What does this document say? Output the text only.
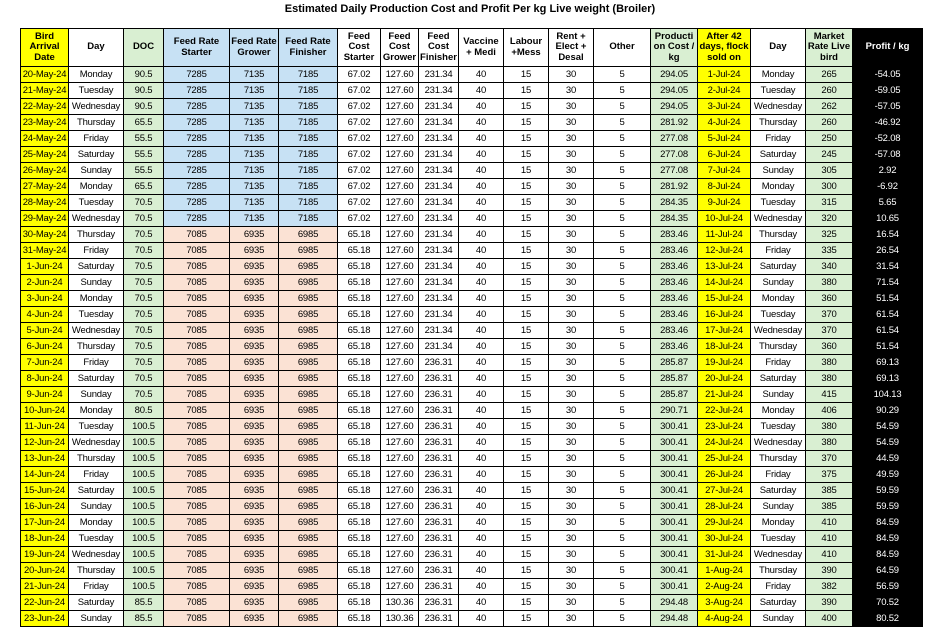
Estimated Daily Production Cost and Profit Per kg Live weight (Broiler)
Bird Arrival Date	Day	DOC	Feed Rate Starter	Feed Rate Grower	Feed Rate Finisher	Feed Cost Starter	Feed Cost Grower	Feed Cost Finisher	Vaccine + Medi	Labour +Mess	Rent + Elect + Desal	Other	Production Cost / kg	After 42 days, flock sold on	Day	Market Rate Live bird	Profit / kg
20-May-24	Monday	90.5	7285	7135	7185	67.02	127.60	231.34	40	15	30	5	294.05	1-Jul-24	Monday	265	-54.05
21-May-24	Tuesday	90.5	7285	7135	7185	67.02	127.60	231.34	40	15	30	5	294.05	2-Jul-24	Tuesday	260	-59.05
22-May-24	Wednesday	90.5	7285	7135	7185	67.02	127.60	231.34	40	15	30	5	294.05	3-Jul-24	Wednesday	262	-57.05
23-May-24	Thursday	65.5	7285	7135	7185	67.02	127.60	231.34	40	15	30	5	281.92	4-Jul-24	Thursday	260	-46.92
24-May-24	Friday	55.5	7285	7135	7185	67.02	127.60	231.34	40	15	30	5	277.08	5-Jul-24	Friday	250	-52.08
25-May-24	Saturday	55.5	7285	7135	7185	67.02	127.60	231.34	40	15	30	5	277.08	6-Jul-24	Saturday	245	-57.08
26-May-24	Sunday	55.5	7285	7135	7185	67.02	127.60	231.34	40	15	30	5	277.08	7-Jul-24	Sunday	305	2.92
27-May-24	Monday	65.5	7285	7135	7185	67.02	127.60	231.34	40	15	30	5	281.92	8-Jul-24	Monday	300	-6.92
28-May-24	Tuesday	70.5	7285	7135	7185	67.02	127.60	231.34	40	15	30	5	284.35	9-Jul-24	Tuesday	315	5.65
29-May-24	Wednesday	70.5	7285	7135	7185	67.02	127.60	231.34	40	15	30	5	284.35	10-Jul-24	Wednesday	320	10.65
30-May-24	Thursday	70.5	7085	6935	6985	65.18	127.60	231.34	40	15	30	5	283.46	11-Jul-24	Thursday	325	16.54
31-May-24	Friday	70.5	7085	6935	6985	65.18	127.60	231.34	40	15	30	5	283.46	12-Jul-24	Friday	335	26.54
1-Jun-24	Saturday	70.5	7085	6935	6985	65.18	127.60	231.34	40	15	30	5	283.46	13-Jul-24	Saturday	340	31.54
2-Jun-24	Sunday	70.5	7085	6935	6985	65.18	127.60	231.34	40	15	30	5	283.46	14-Jul-24	Sunday	380	71.54
3-Jun-24	Monday	70.5	7085	6935	6985	65.18	127.60	231.34	40	15	30	5	283.46	15-Jul-24	Monday	360	51.54
4-Jun-24	Tuesday	70.5	7085	6935	6985	65.18	127.60	231.34	40	15	30	5	283.46	16-Jul-24	Tuesday	370	61.54
5-Jun-24	Wednesday	70.5	7085	6935	6985	65.18	127.60	231.34	40	15	30	5	283.46	17-Jul-24	Wednesday	370	61.54
6-Jun-24	Thursday	70.5	7085	6935	6985	65.18	127.60	231.34	40	15	30	5	283.46	18-Jul-24	Thursday	360	51.54
7-Jun-24	Friday	70.5	7085	6935	6985	65.18	127.60	236.31	40	15	30	5	285.87	19-Jul-24	Friday	380	69.13
8-Jun-24	Saturday	70.5	7085	6935	6985	65.18	127.60	236.31	40	15	30	5	285.87	20-Jul-24	Saturday	380	69.13
9-Jun-24	Sunday	70.5	7085	6935	6985	65.18	127.60	236.31	40	15	30	5	285.87	21-Jul-24	Sunday	415	104.13
10-Jun-24	Monday	80.5	7085	6935	6985	65.18	127.60	236.31	40	15	30	5	290.71	22-Jul-24	Monday	406	90.29
11-Jun-24	Tuesday	100.5	7085	6935	6985	65.18	127.60	236.31	40	15	30	5	300.41	23-Jul-24	Tuesday	380	54.59
12-Jun-24	Wednesday	100.5	7085	6935	6985	65.18	127.60	236.31	40	15	30	5	300.41	24-Jul-24	Wednesday	380	54.59
13-Jun-24	Thursday	100.5	7085	6935	6985	65.18	127.60	236.31	40	15	30	5	300.41	25-Jul-24	Thursday	370	44.59
14-Jun-24	Friday	100.5	7085	6935	6985	65.18	127.60	236.31	40	15	30	5	300.41	26-Jul-24	Friday	375	49.59
15-Jun-24	Saturday	100.5	7085	6935	6985	65.18	127.60	236.31	40	15	30	5	300.41	27-Jul-24	Saturday	385	59.59
16-Jun-24	Sunday	100.5	7085	6935	6985	65.18	127.60	236.31	40	15	30	5	300.41	28-Jul-24	Sunday	385	59.59
17-Jun-24	Monday	100.5	7085	6935	6985	65.18	127.60	236.31	40	15	30	5	300.41	29-Jul-24	Monday	410	84.59
18-Jun-24	Tuesday	100.5	7085	6935	6985	65.18	127.60	236.31	40	15	30	5	300.41	30-Jul-24	Tuesday	410	84.59
19-Jun-24	Wednesday	100.5	7085	6935	6985	65.18	127.60	236.31	40	15	30	5	300.41	31-Jul-24	Wednesday	410	84.59
20-Jun-24	Thursday	100.5	7085	6935	6985	65.18	127.60	236.31	40	15	30	5	300.41	1-Aug-24	Thursday	390	64.59
21-Jun-24	Friday	100.5	7085	6935	6985	65.18	127.60	236.31	40	15	30	5	300.41	2-Aug-24	Friday	382	56.59
22-Jun-24	Saturday	85.5	7085	6935	6985	65.18	130.36	236.31	40	15	30	5	294.48	3-Aug-24	Saturday	390	70.52
23-Jun-24	Sunday	85.5	7085	6935	6985	65.18	130.36	236.31	40	15	30	5	294.48	4-Aug-24	Sunday	400	80.52
